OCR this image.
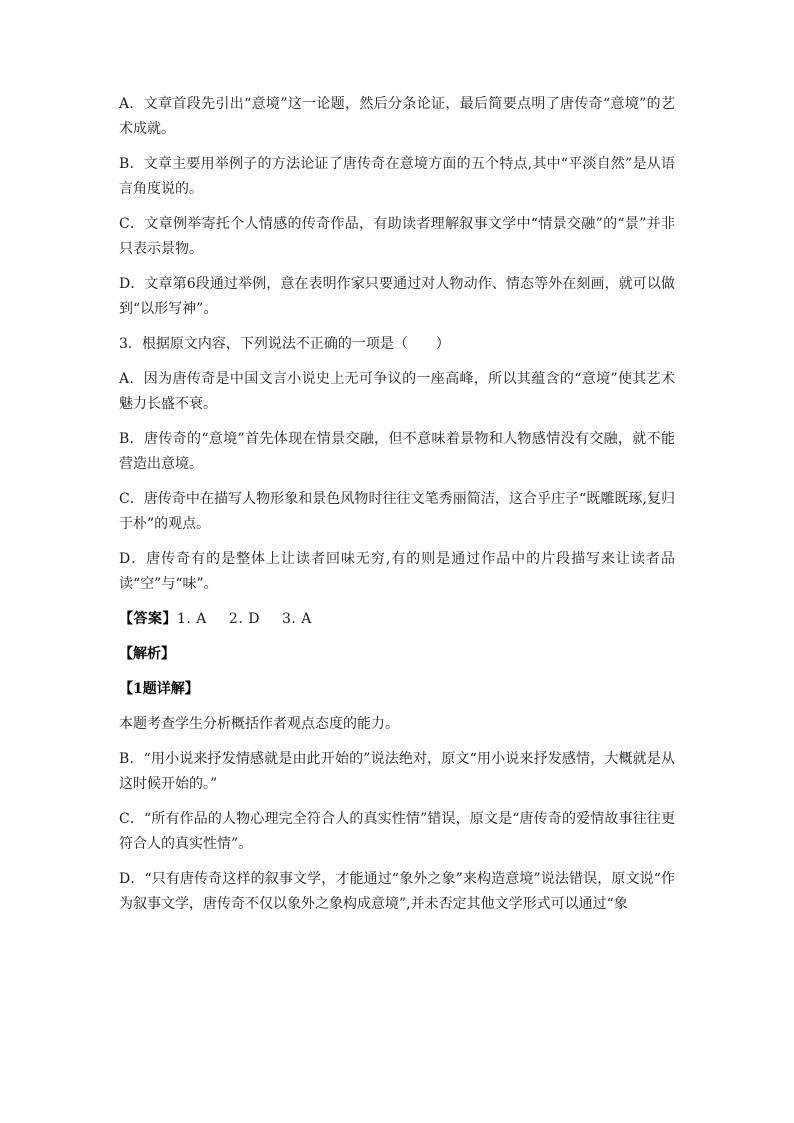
A．文章首段先引出“意境”这一论题，然后分条论证，最后简要点明了唐传奇“意境”的艺术成就。

B．文章主要用举例子的方法论证了唐传奇在意境方面的五个特点,其中“平淡自然”是从语言角度说的。

C．文章例举寄托个人情感的传奇作品，有助读者理解叙事文学中“情景交融”的“景”并非只表示景物。

D．文章第6段通过举例，意在表明作家只要通过对人物动作、情态等外在刻画，就可以做到“以形写神”。

3．根据原文内容，下列说法不正确的一项是（　　）

A．因为唐传奇是中国文言小说史上无可争议的一座高峰，所以其蕴含的“意境”使其艺术魅力长盛不衰。

B．唐传奇的“意境”首先体现在情景交融，但不意味着景物和人物感情没有交融，就不能营造出意境。

C．唐传奇中在描写人物形象和景色风物时往往文笔秀丽简洁，这合乎庄子“既雕既琢,复归于朴”的观点。

D．唐传奇有的是整体上让读者回味无穷,有的则是通过作品中的片段描写来让读者品读“空”与“味”。

【答案】1. A 2. D 3. A

【解析】

【1题详解】

本题考查学生分析概括作者观点态度的能力。

B．“用小说来抒发情感就是由此开始的”说法绝对，原文“用小说来抒发感情，大概就是从这时候开始的。”

C．“所有作品的人物心理完全符合人的真实性情”错误，原文是“唐传奇的爱情故事往往更符合人的真实性情”。

D．“只有唐传奇这样的叙事文学，才能通过“象外之象”来构造意境”说法错误，原文说“作为叙事文学，唐传奇不仅以象外之象构成意境”,并未否定其他文学形式可以通过“象
